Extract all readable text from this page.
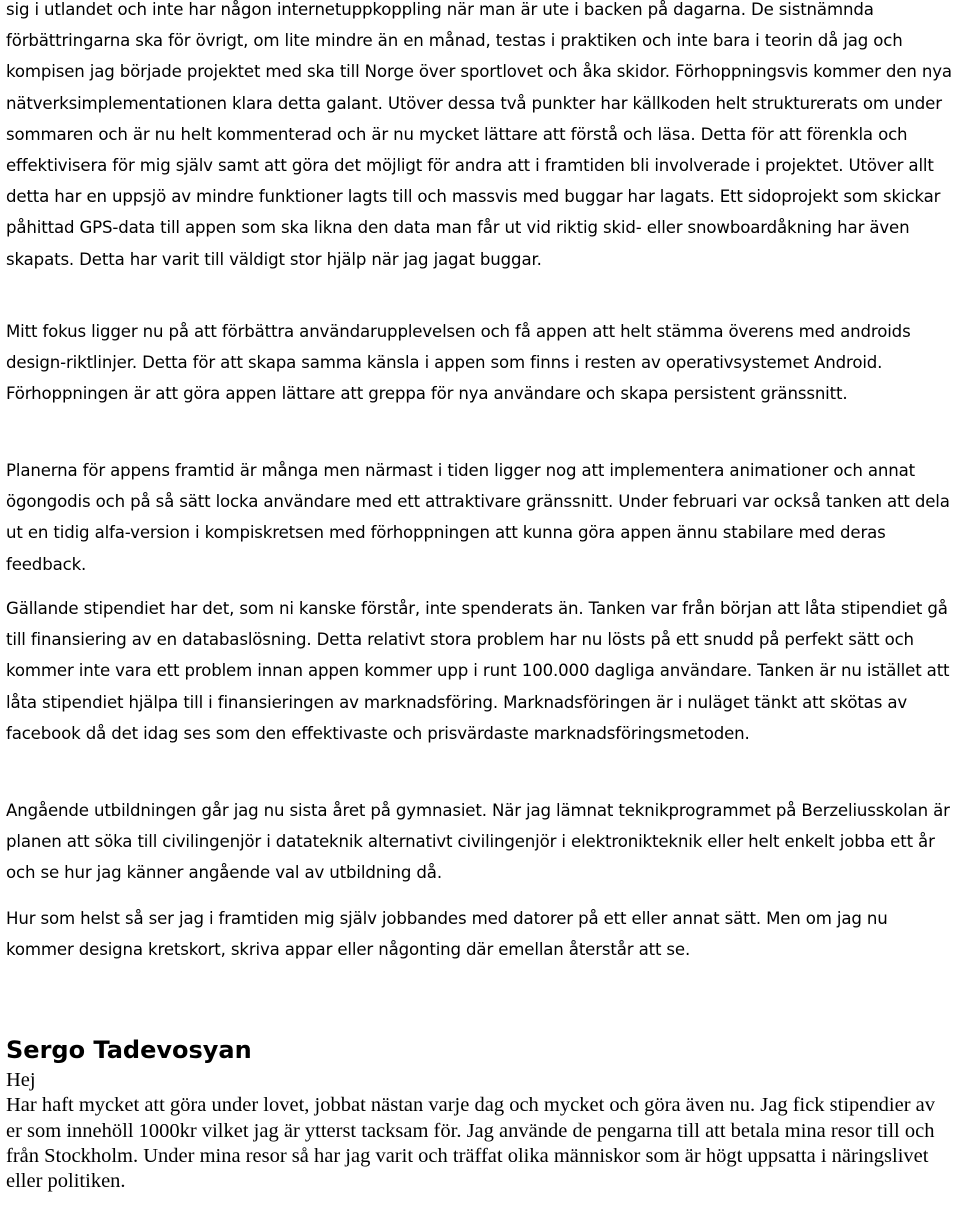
sig i utlandet och inte har någon internetuppkoppling när man är ute i backen på dagarna. De sistnämnda förbättringarna ska för övrigt, om lite mindre än en månad, testas i praktiken och inte bara i teorin då jag och kompisen jag började projektet med ska till Norge över sportlovet och åka skidor. Förhoppningsvis kommer den nya nätverksimplementationen klara detta galant. Utöver dessa två punkter har källkoden helt strukturerats om under sommaren och är nu helt kommenterad och är nu mycket lättare att förstå och läsa. Detta för att förenkla och effektivisera för mig själv samt att göra det möjligt för andra att i framtiden bli involverade i projektet. Utöver allt detta har en uppsjö av mindre funktioner lagts till och massvis med buggar har lagats. Ett sidoprojekt som skickar påhittad GPS-data till appen som ska likna den data man får ut vid riktig skid- eller snowboardåkning har även skapats. Detta har varit till väldigt stor hjälp när jag jagat buggar.

Mitt fokus ligger nu på att förbättra användarupplevelsen och få appen att helt stämma överens med androids design-riktlinjer. Detta för att skapa samma känsla i appen som finns i resten av operativsystemet Android. Förhoppningen är att göra appen lättare att greppa för nya användare och skapa persistent gränssnitt.

Planerna för appens framtid är många men närmast i tiden ligger nog att implementera animationer och annat ögongodis och på så sätt locka användare med ett attraktivare gränssnitt. Under februari var också tanken att dela ut en tidig alfa-version i kompiskretsen med förhoppningen att kunna göra appen ännu stabilare med deras feedback.

Gällande stipendiet har det, som ni kanske förstår, inte spenderats än. Tanken var från början att låta stipendiet gå till finansiering av en databaslösning. Detta relativt stora problem har nu lösts på ett snudd på perfekt sätt och kommer inte vara ett problem innan appen kommer upp i runt 100.000 dagliga användare. Tanken är nu istället att låta stipendiet hjälpa till i finansieringen av marknadsföring. Marknadsföringen är i nuläget tänkt att skötas av facebook då det idag ses som den effektivaste och prisvärdaste marknadsföringsmetoden.

Angående utbildningen går jag nu sista året på gymnasiet. När jag lämnat teknikprogrammet på Berzeliusskolan är planen att söka till civilingenjör i datateknik alternativt civilingenjör i elektronikteknik eller helt enkelt jobba ett år och se hur jag känner angående val av utbildning då.

Hur som helst så ser jag i framtiden mig själv jobbandes med datorer på ett eller annat sätt. Men om jag nu kommer designa kretskort, skriva appar eller någonting där emellan återstår att se.

Sergo Tadevosyan
Hej
Har haft mycket att göra under lovet, jobbat nästan varje dag och mycket och göra även nu. Jag fick stipendier av er som innehöll 1000kr vilket jag är ytterst tacksam för. Jag använde de pengarna till att betala mina resor till och från Stockholm. Under mina resor så har jag varit och träffat olika människor som är högt uppsatta i näringslivet eller politiken.
